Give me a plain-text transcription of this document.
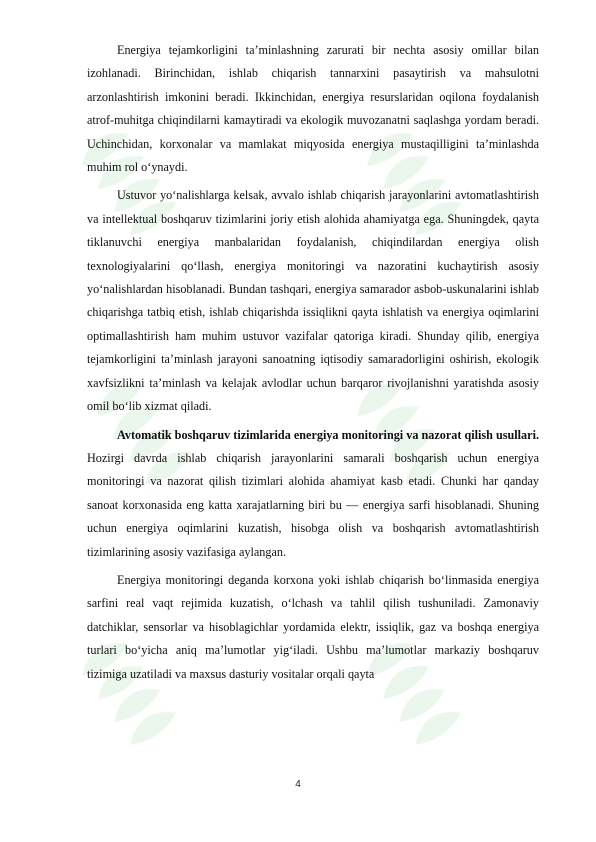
Energiya tejamkorligini ta’minlashning zarurati bir nechta asosiy omillar bilan izohlanadi. Birinchidan, ishlab chiqarish tannarxini pasaytirish va mahsulotni arzonlashtirish imkonini beradi. Ikkinchidan, energiya resurslaridan oqilona foydalanish atrof-muhitga chiqindilarni kamaytiradi va ekologik muvozanatni saqlashga yordam beradi. Uchinchidan, korxonalar va mamlakat miqyosida energiya mustaqilligini ta’minlashda muhim rol o‘ynaydi.

Ustuvor yo‘nalishlarga kelsak, avvalo ishlab chiqarish jarayonlarini avtomatlashtirish va intellektual boshqaruv tizimlarini joriy etish alohida ahamiyatga ega. Shuningdek, qayta tiklanuvchi energiya manbalaridan foydalanish, chiqindilardan energiya olish texnologiyalarini qo‘llash, energiya monitoringi va nazoratini kuchaytirish asosiy yo‘nalishlardan hisoblanadi. Bundan tashqari, energiya samarador asbob-uskunalarini ishlab chiqarishga tatbiq etish, ishlab chiqarishda issiqlikni qayta ishlatish va energiya oqimlarini optimallashtirish ham muhim ustuvor vazifalar qatoriga kiradi. Shunday qilib, energiya tejamkorligini ta’minlash jarayoni sanoatning iqtisodiy samaradorligini oshirish, ekologik xavfsizlikni ta’minlash va kelajak avlodlar uchun barqaror rivojlanishni yaratishda asosiy omil bo‘lib xizmat qiladi.

Avtomatik boshqaruv tizimlarida energiya monitoringi va nazorat qilish usullari. Hozirgi davrda ishlab chiqarish jarayonlarini samarali boshqarish uchun energiya monitoringi va nazorat qilish tizimlari alohida ahamiyat kasb etadi. Chunki har qanday sanoat korxonasida eng katta xarajatlarning biri bu — energiya sarfi hisoblanadi. Shuning uchun energiya oqimlarini kuzatish, hisobga olish va boshqarish avtomatlashtirish tizimlarining asosiy vazifasiga aylangan.

Energiya monitoringi deganda korxona yoki ishlab chiqarish bo‘linmasida energiya sarfini real vaqt rejimida kuzatish, o‘lchash va tahlil qilish tushuniladi. Zamonaviy datchiklar, sensorlar va hisoblagichlar yordamida elektr, issiqlik, gaz va boshqa energiya turlari bo‘yicha aniq ma’lumotlar yig‘iladi. Ushbu ma’lumotlar markaziy boshqaruv tizimiga uzatiladi va maxsus dasturiy vositalar orqali qayta

4
